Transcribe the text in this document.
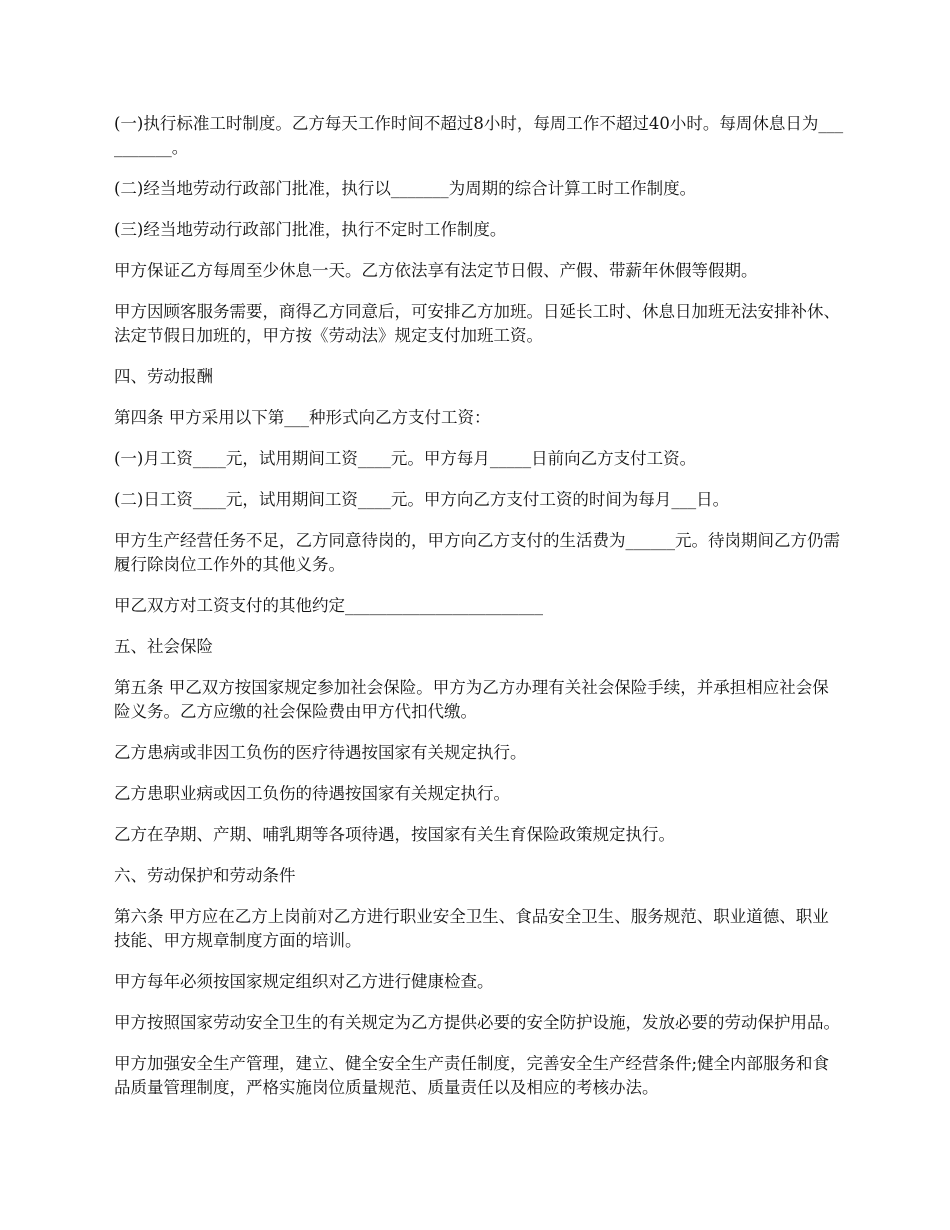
(一)执行标准工时制度。乙方每天工作时间不超过8小时，每周工作不超过40小时。每周休息日为__________。

(二)经当地劳动行政部门批准，执行以_______为周期的综合计算工时工作制度。

(三)经当地劳动行政部门批准，执行不定时工作制度。

甲方保证乙方每周至少休息一天。乙方依法享有法定节日假、产假、带薪年休假等假期。

甲方因顾客服务需要，商得乙方同意后，可安排乙方加班。日延长工时、休息日加班无法安排补休、法定节假日加班的，甲方按《劳动法》规定支付加班工资。

四、劳动报酬

第四条 甲方采用以下第___种形式向乙方支付工资：

(一)月工资____元，试用期间工资____元。甲方每月_____日前向乙方支付工资。

(二)日工资____元，试用期间工资____元。甲方向乙方支付工资的时间为每月___日。

甲方生产经营任务不足，乙方同意待岗的，甲方向乙方支付的生活费为______元。待岗期间乙方仍需履行除岗位工作外的其他义务。

甲乙双方对工资支付的其他约定________________________

五、社会保险

第五条 甲乙双方按国家规定参加社会保险。甲方为乙方办理有关社会保险手续，并承担相应社会保险义务。乙方应缴的社会保险费由甲方代扣代缴。

乙方患病或非因工负伤的医疗待遇按国家有关规定执行。

乙方患职业病或因工负伤的待遇按国家有关规定执行。

乙方在孕期、产期、哺乳期等各项待遇，按国家有关生育保险政策规定执行。

六、劳动保护和劳动条件

第六条 甲方应在乙方上岗前对乙方进行职业安全卫生、食品安全卫生、服务规范、职业道德、职业技能、甲方规章制度方面的培训。

甲方每年必须按国家规定组织对乙方进行健康检查。

甲方按照国家劳动安全卫生的有关规定为乙方提供必要的安全防护设施，发放必要的劳动保护用品。

甲方加强安全生产管理，建立、健全安全生产责任制度，完善安全生产经营条件;健全内部服务和食品质量管理制度，严格实施岗位质量规范、质量责任以及相应的考核办法。
